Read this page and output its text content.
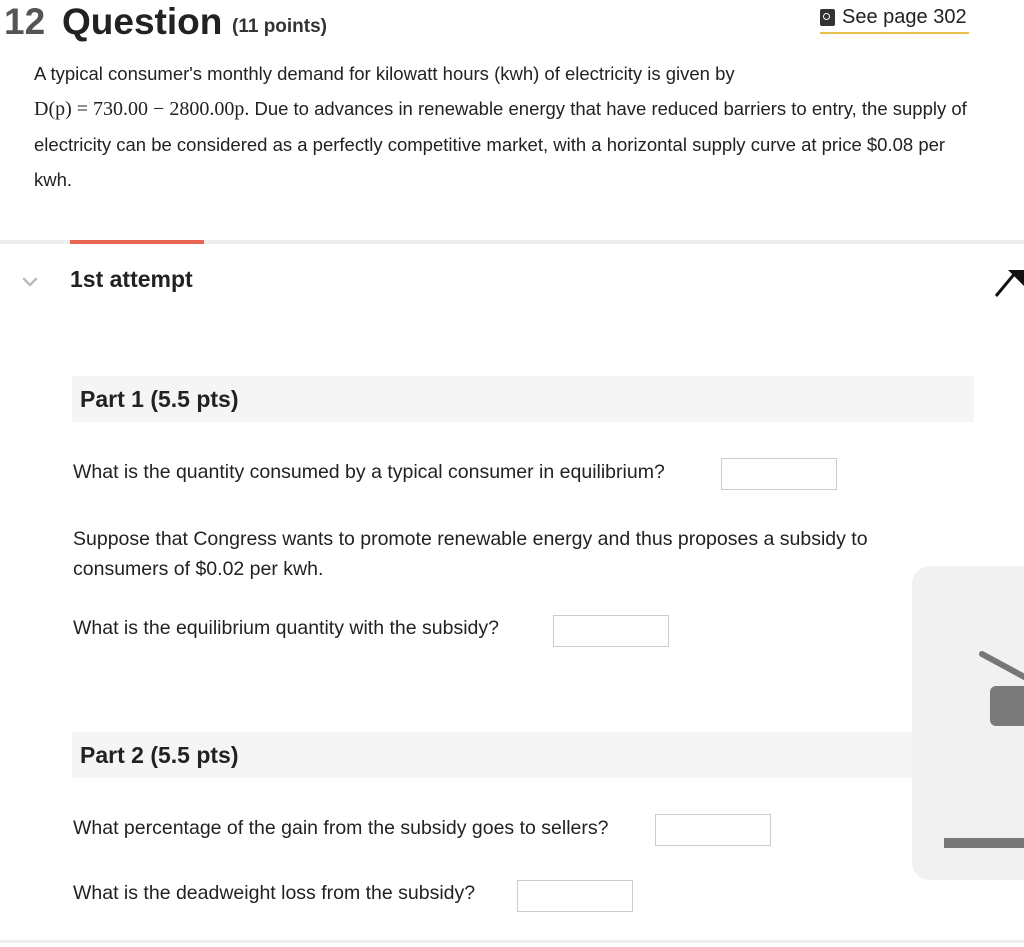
12 Question (11 points)	See page 302
A typical consumer's monthly demand for kilowatt hours (kwh) of electricity is given by
D(p) = 730.00 − 2800.00p. Due to advances in renewable energy that have reduced barriers to entry, the supply of electricity can be considered as a perfectly competitive market, with a horizontal supply curve at price $0.08 per kwh.
1st attempt
Part 1 (5.5 pts)
What is the quantity consumed by a typical consumer in equilibrium?
Suppose that Congress wants to promote renewable energy and thus proposes a subsidy to consumers of $0.02 per kwh.
What is the equilibrium quantity with the subsidy?
Part 2 (5.5 pts)
What percentage of the gain from the subsidy goes to sellers?
What is the deadweight loss from the subsidy?
